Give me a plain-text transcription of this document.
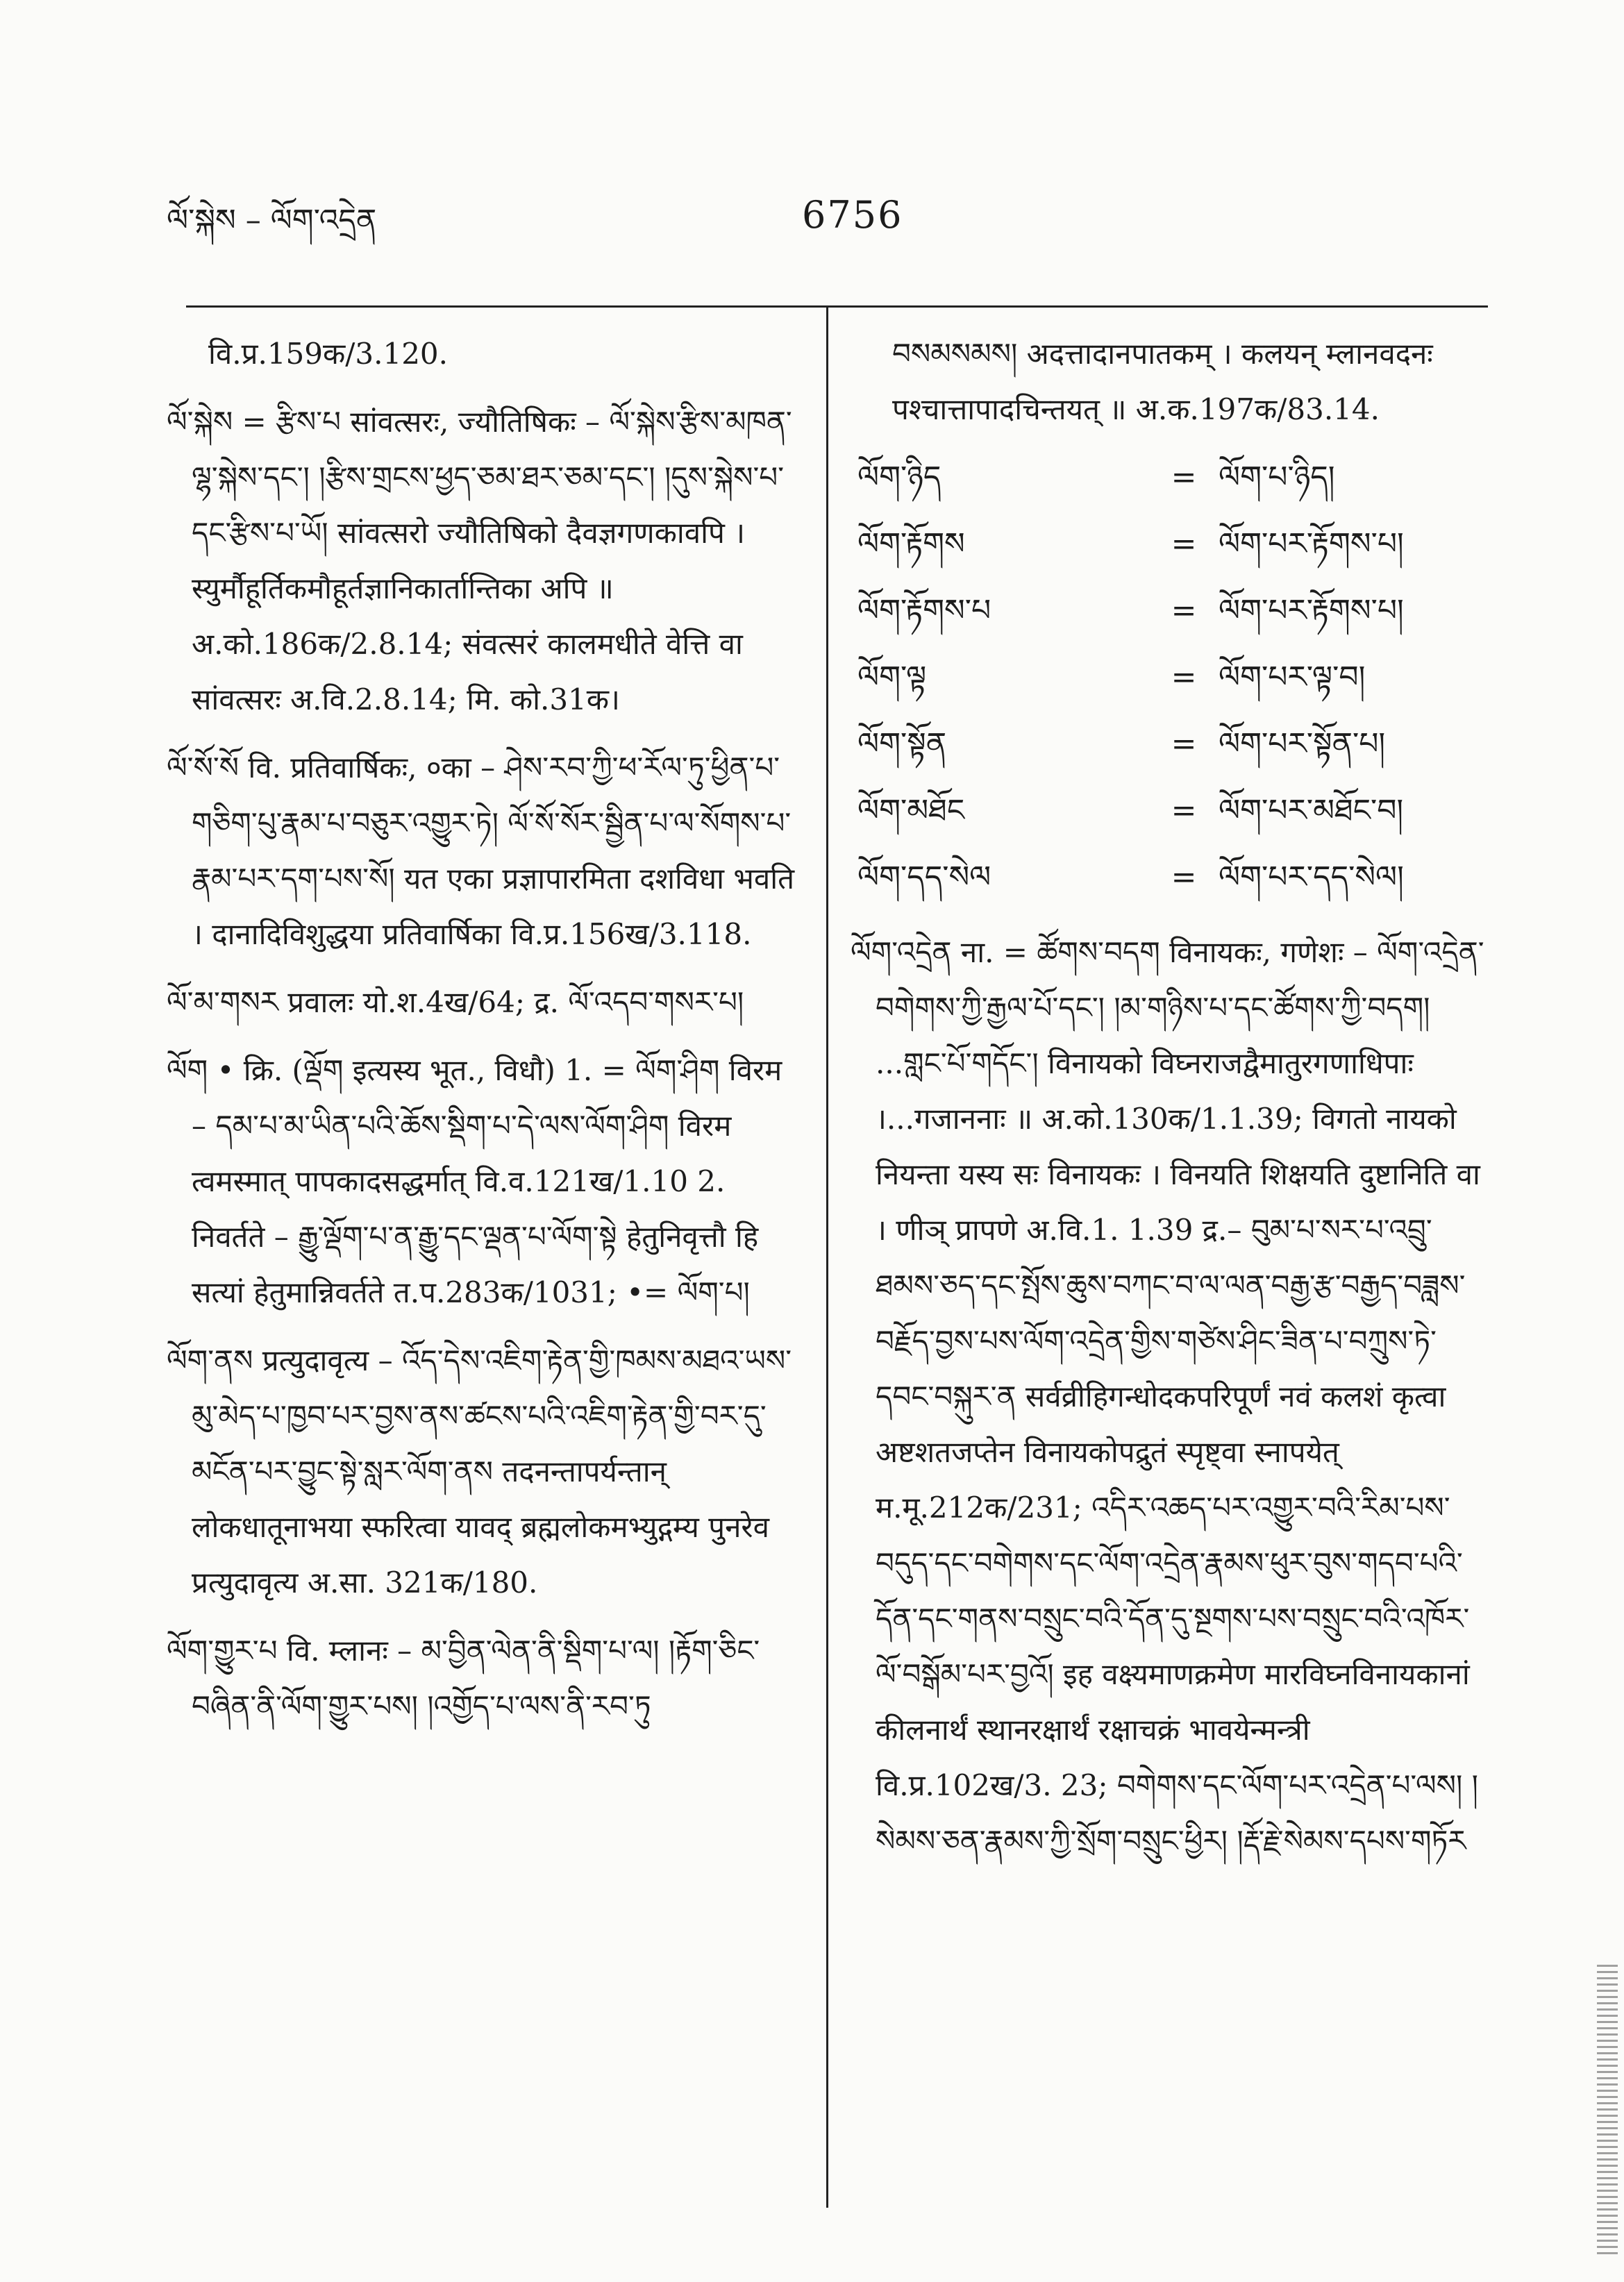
ལོ་སྐེས – ལོག་འདྲེན	6756

वि.प्र.159क/3.120.

ལོ་སྐེས = རྩིས་པ सांवत्सरः, ज्यौतिषिकः – ལོ་སྐེས་རྩིས་མཁན་ལྷ་སྐེས་དང་། །རྩིས་གྲངས་ཕྱད་ཅམ་ཐར་ཅམ་དང་། །དུས་སྐེས་པ་དང་རྩིས་པ་ཡོ། सांवत्सरो ज्यौतिषिको दैवज्ञगणकावपि । स्युर्मौहूर्तिकमौहूर्तज्ञानिकार्तान्तिका अपि ॥ अ.को.186क/2.8.14; संवत्सरं कालमधीते वेत्ति वा सांवत्सरः अ.वि.2.8.14; मि. को.31क।

ལོ་སོ་སོ वि. प्रतिवार्षिकः, ०का – ཤེས་རབ་ཀྱི་ཕ་རོལ་ཏུ་ཕྱིན་པ་གཅིག་པུ་རྣམ་པ་བཅུར་འགྱུར་ཏེ། ལོ་སོ་སོར་སྦྱིན་པ་ལ་སོགས་པ་རྣམ་པར་དག་པས་སོ། यत एका प्रज्ञापारमिता दशविधा भवति । दानादिविशुद्धया प्रतिवार्षिका वि.प्र.156ख/3.118.

ལོ་མ་གསར प्रवालः यो.श.4ख/64; द्र. ལོ་འདབ་གསར་པ།

ལོག • क्रि. (ལྡོག इत्यस्य भूत., विधौ) 1. = ལོག་ཤིག विरम – དམ་པ་མ་ཡིན་པའི་ཆོས་སྡིག་པ་དེ་ལས་ལོག་ཤིག विरम त्वमस्मात् पापकादसद्धर्मात् वि.व.121ख/1.10 2. निवर्तते – རྒྱུ་ལྡོག་པ་ན་རྒྱུ་དང་ལྡན་པ་ལོག་སྟེ हेतुनिवृत्तौ हि सत्यां हेतुमान्निवर्तते त.प.283क/1031; •= ལོག་པ།

ལོག་ནས प्रत्युदावृत्य – འོད་དེས་འཇིག་རྟེན་གྱི་ཁམས་མཐའ་ཡས་མུ་མེད་པ་ཁྱབ་པར་བྱས་ནས་ཚངས་པའི་འཇིག་རྟེན་གྱི་བར་དུ་མངོན་པར་བྱུང་སྟེ་སླར་ལོག་ནས तदनन्तापर्यन्तान् लोकधातूनाभया स्फरित्वा यावद् ब्रह्मलोकमभ्युद्गम्य पुनरेव प्रत्युदावृत्य अ.सा. 321क/180.

ལོག་གྱུར་པ वि. म्लानः – མ་བྱིན་ལེན་ནི་སྡིག་པ་ལ། །རྟོག་ཅིང་བཞིན་ནི་ལོག་གྱུར་པས། །འགྱོད་པ་ལས་ནི་རབ་ཏུ

བསམསམས། अदत्तादानपातकम् । कलयन् म्लानवदनः पश्चात्तापादचिन्तयत् ॥ अ.क.197क/83.14.

ལོག་ཉིད	= ལོག་པ་ཉིད།
ལོག་རྟོགས	= ལོག་པར་རྟོགས་པ།
ལོག་རྟོགས་པ	= ལོག་པར་རྟོགས་པ།
ལོག་ལྟ	= ལོག་པར་ལྟ་བ།
ལོག་སྟོན	= ལོག་པར་སྟོན་པ།
ལོག་མཐོང	= ལོག་པར་མཐོང་བ།
ལོག་དད་སེལ	= ལོག་པར་དད་སེལ།

ལོག་འདྲེན ना. = ཚོགས་བདག विनायकः, गणेशः – ལོག་འདྲེན་བགེགས་ཀྱི་རྒྱལ་པོ་དང་། །མ་གཉིས་པ་དང་ཚོགས་ཀྱི་བདག། ...གླང་པོ་གདོང་། विनायको विघ्नराजद्वैमातुरगणाधिपाः ।...गजाननाः ॥ अ.को.130क/1.1.39; विगतो नायको नियन्ता यस्य सः विनायकः । विनयति शिक्षयति दुष्टानिति वा । णीञ् प्रापणे अ.वि.1. 1.39 द्र.– བུམ་པ་སར་པ་འབྲུ་ཐམས་ཅད་དང་སྤོས་ཆུས་བཀང་བ་ལ་ལན་བརྒྱ་རྩ་བརྒྱད་བཟླས་བརྗོད་བྱས་པས་ལོག་འདྲེན་གྱིས་གཙེས་ཤིང་ཟིན་པ་བཀྲུས་ཏེ་དབང་བསྐུར་ན सर्वव्रीहिगन्धोदकपरिपूर्णं नवं कलशं कृत्वा अष्टशतजप्तेन विनायकोपद्रुतं स्पृष्ट्वा स्नापयेत् म.मू.212क/231; འདིར་འཆད་པར་འགྱུར་བའི་རིམ་པས་བདུད་དང་བགེགས་དང་ལོག་འདྲེན་རྣམས་ཕུར་བུས་གདབ་པའི་དོན་དང་གནས་བསྲུང་བའི་དོན་དུ་སྔགས་པས་བསྲུང་བའི་འཁོར་ལོ་བསྒོམ་པར་བྱའོ། इह वक्ष्यमाणक्रमेण मारविघ्नविनायकानां कीलनार्थं स्थानरक्षार्थं रक्षाचक्रं भावयेन्मन्त्री वि.प्र.102ख/3. 23; བགེགས་དང་ལོག་པར་འདྲེན་པ་ལས། །སེམས་ཅན་རྣམས་ཀྱི་སྲོག་བསྲུང་ཕྱིར། །རྡོ་རྗེ་སེམས་དཔས་གཏོར
